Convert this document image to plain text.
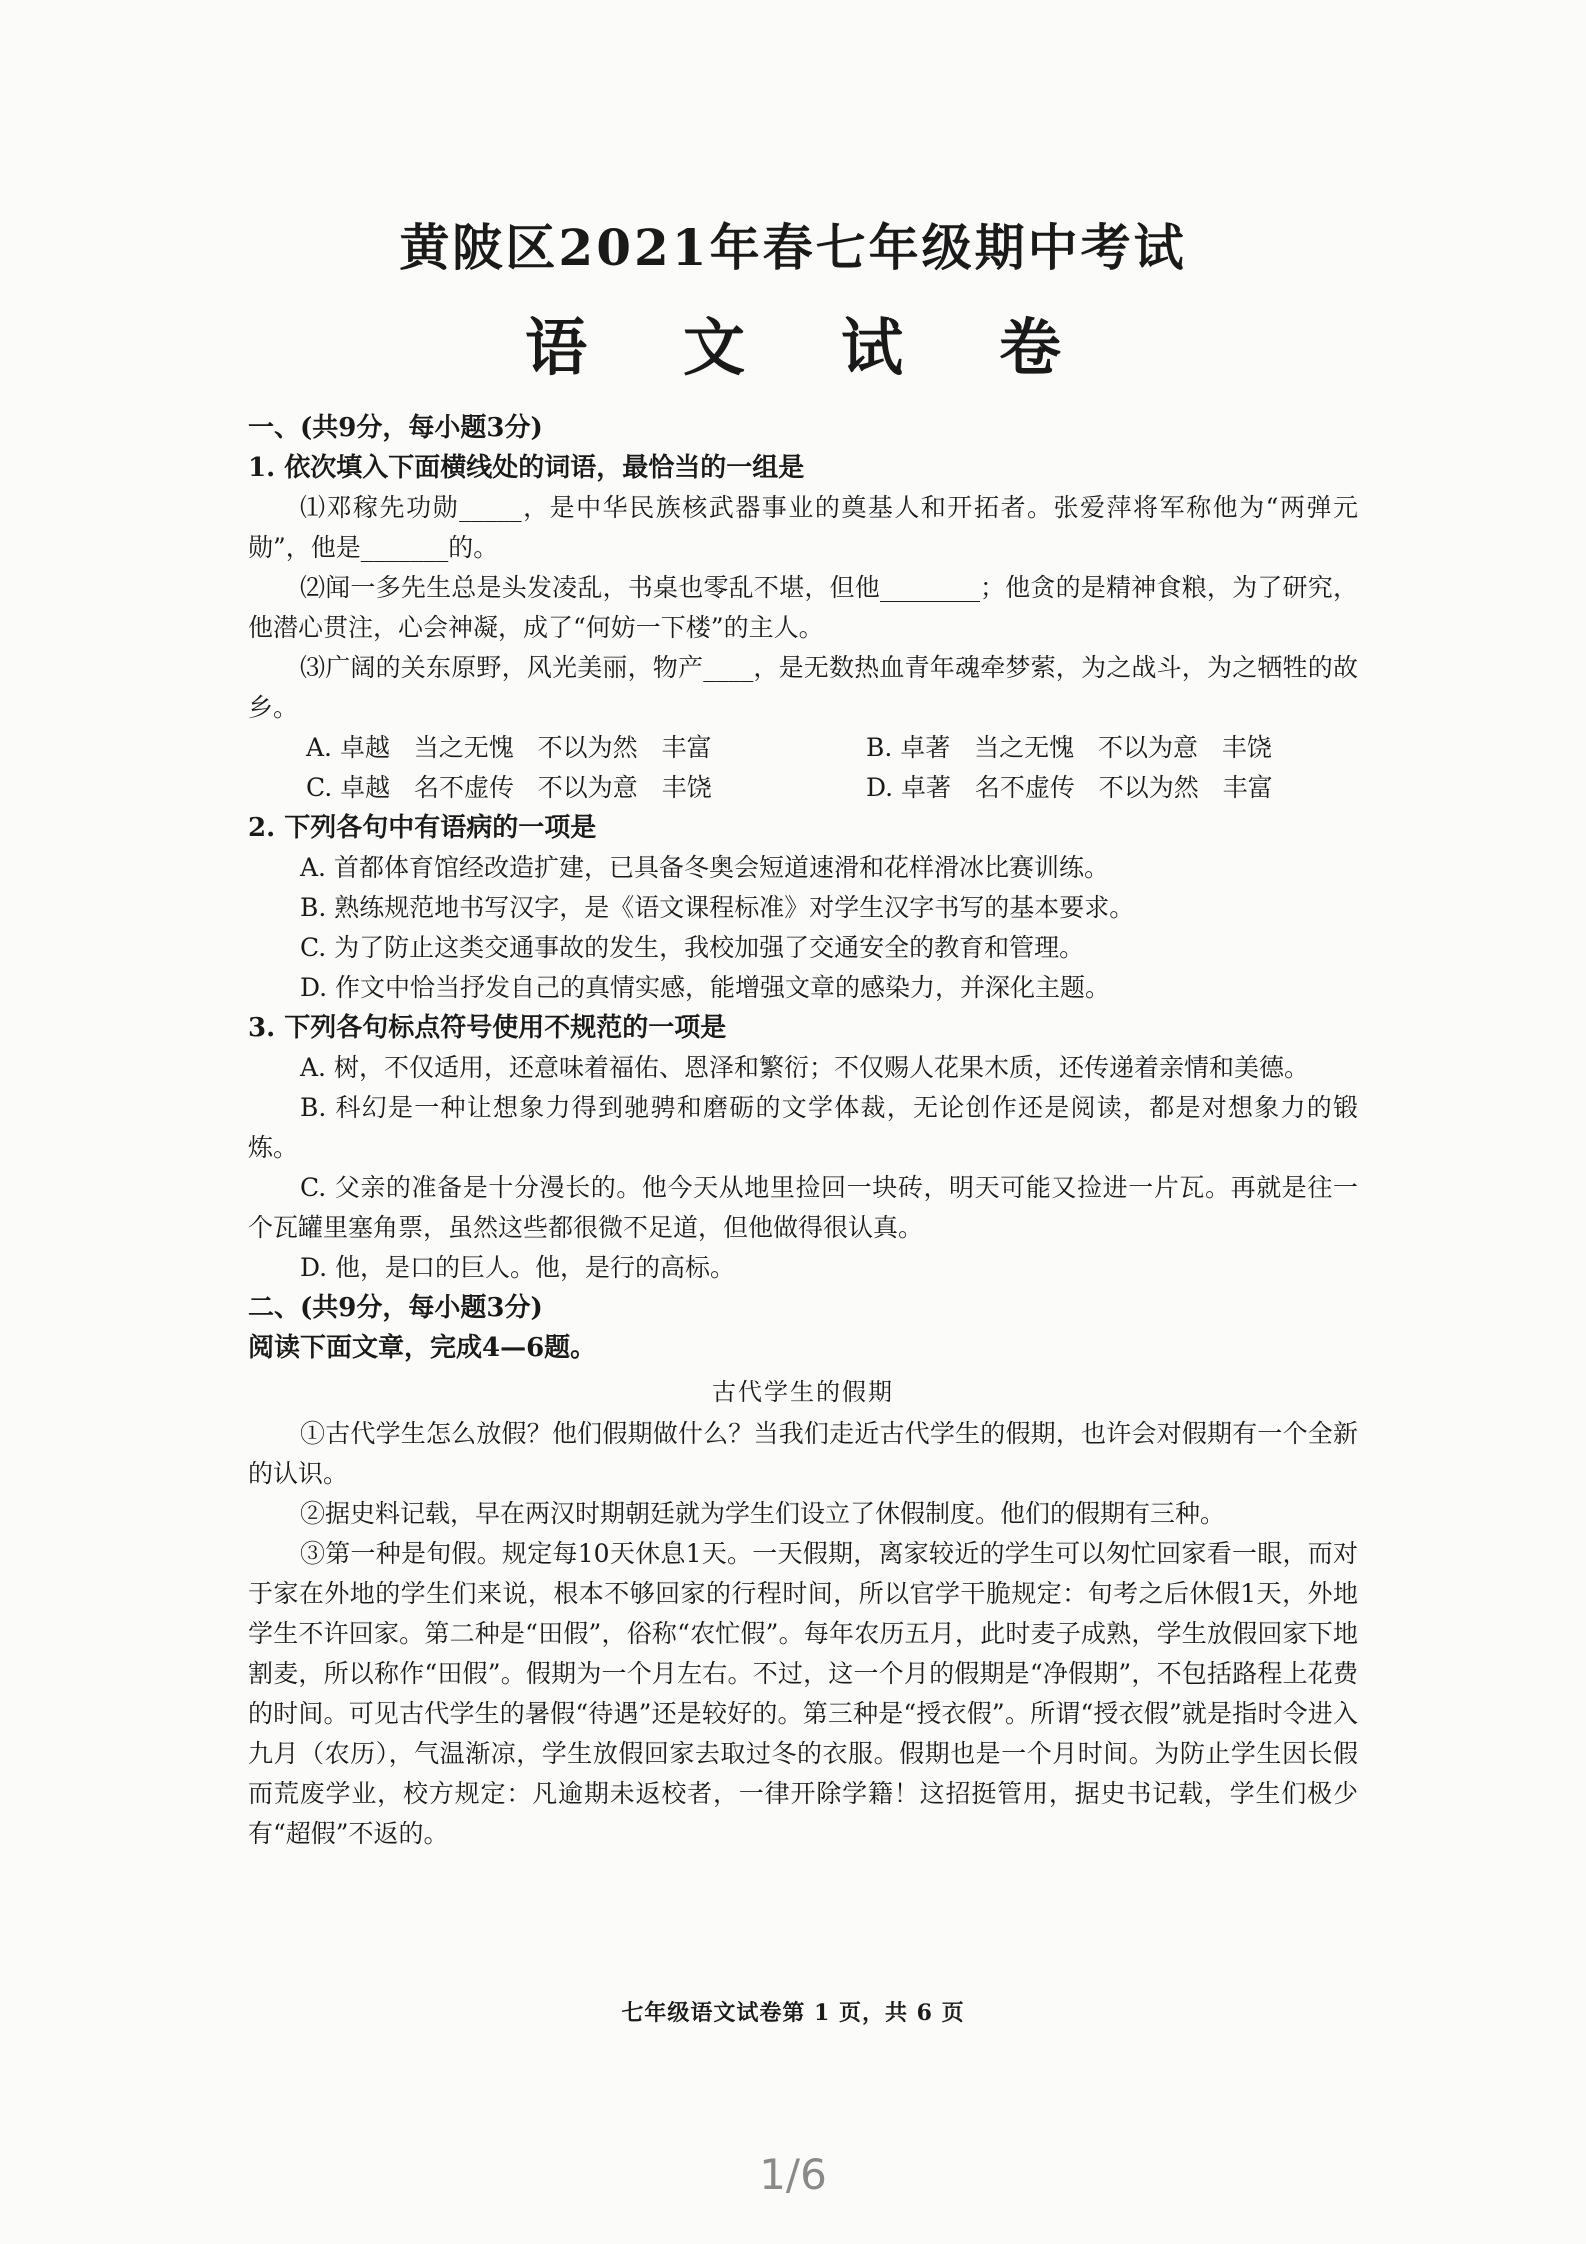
黄陂区2021年春七年级期中考试
语文试卷

一、(共9分，每小题3分)

1. 依次填入下面横线处的词语，最恰当的一组是

⑴邓稼先功勋_____，是中华民族核武器事业的奠基人和开拓者。张爱萍将军称他为“两弹元勋”，他是_______的。

⑵闻一多先生总是头发凌乱，书桌也零乱不堪，但他________；他贪的是精神食粮，为了研究，他潜心贯注，心会神凝，成了“何妨一下楼”的主人。

⑶广阔的关东原野，风光美丽，物产____，是无数热血青年魂牵梦萦，为之战斗，为之牺牲的故乡。

A. 卓越   当之无愧   不以为然   丰富	B. 卓著   当之无愧   不以为意   丰饶
C. 卓越   名不虚传   不以为意   丰饶	D. 卓著   名不虚传   不以为然   丰富

2. 下列各句中有语病的一项是

A. 首都体育馆经改造扩建，已具备冬奥会短道速滑和花样滑冰比赛训练。

B. 熟练规范地书写汉字，是《语文课程标准》对学生汉字书写的基本要求。

C. 为了防止这类交通事故的发生，我校加强了交通安全的教育和管理。

D. 作文中恰当抒发自己的真情实感，能增强文章的感染力，并深化主题。

3. 下列各句标点符号使用不规范的一项是

A. 树，不仅适用，还意味着福佑、恩泽和繁衍；不仅赐人花果木质，还传递着亲情和美德。

B. 科幻是一种让想象力得到驰骋和磨砺的文学体裁，无论创作还是阅读，都是对想象力的锻炼。

C. 父亲的准备是十分漫长的。他今天从地里捡回一块砖，明天可能又捡进一片瓦。再就是往一个瓦罐里塞角票，虽然这些都很微不足道，但他做得很认真。

D. 他，是口的巨人。他，是行的高标。

二、(共9分，每小题3分)

阅读下面文章，完成4—6题。

古代学生的假期

①古代学生怎么放假？他们假期做什么？当我们走近古代学生的假期，也许会对假期有一个全新的认识。

②据史料记载，早在两汉时期朝廷就为学生们设立了休假制度。他们的假期有三种。

③第一种是旬假。规定每10天休息1天。一天假期，离家较近的学生可以匆忙回家看一眼，而对于家在外地的学生们来说，根本不够回家的行程时间，所以官学干脆规定：旬考之后休假1天，外地学生不许回家。第二种是“田假”，俗称“农忙假”。每年农历五月，此时麦子成熟，学生放假回家下地割麦，所以称作“田假”。假期为一个月左右。不过，这一个月的假期是“净假期”，不包括路程上花费的时间。可见古代学生的暑假“待遇”还是较好的。第三种是“授衣假”。所谓“授衣假”就是指时令进入九月（农历），气温渐凉，学生放假回家去取过冬的衣服。假期也是一个月时间。为防止学生因长假而荒废学业，校方规定：凡逾期未返校者，一律开除学籍！这招挺管用，据史书记载，学生们极少有“超假”不返的。

七年级语文试卷第 1 页，共 6 页
1/6
